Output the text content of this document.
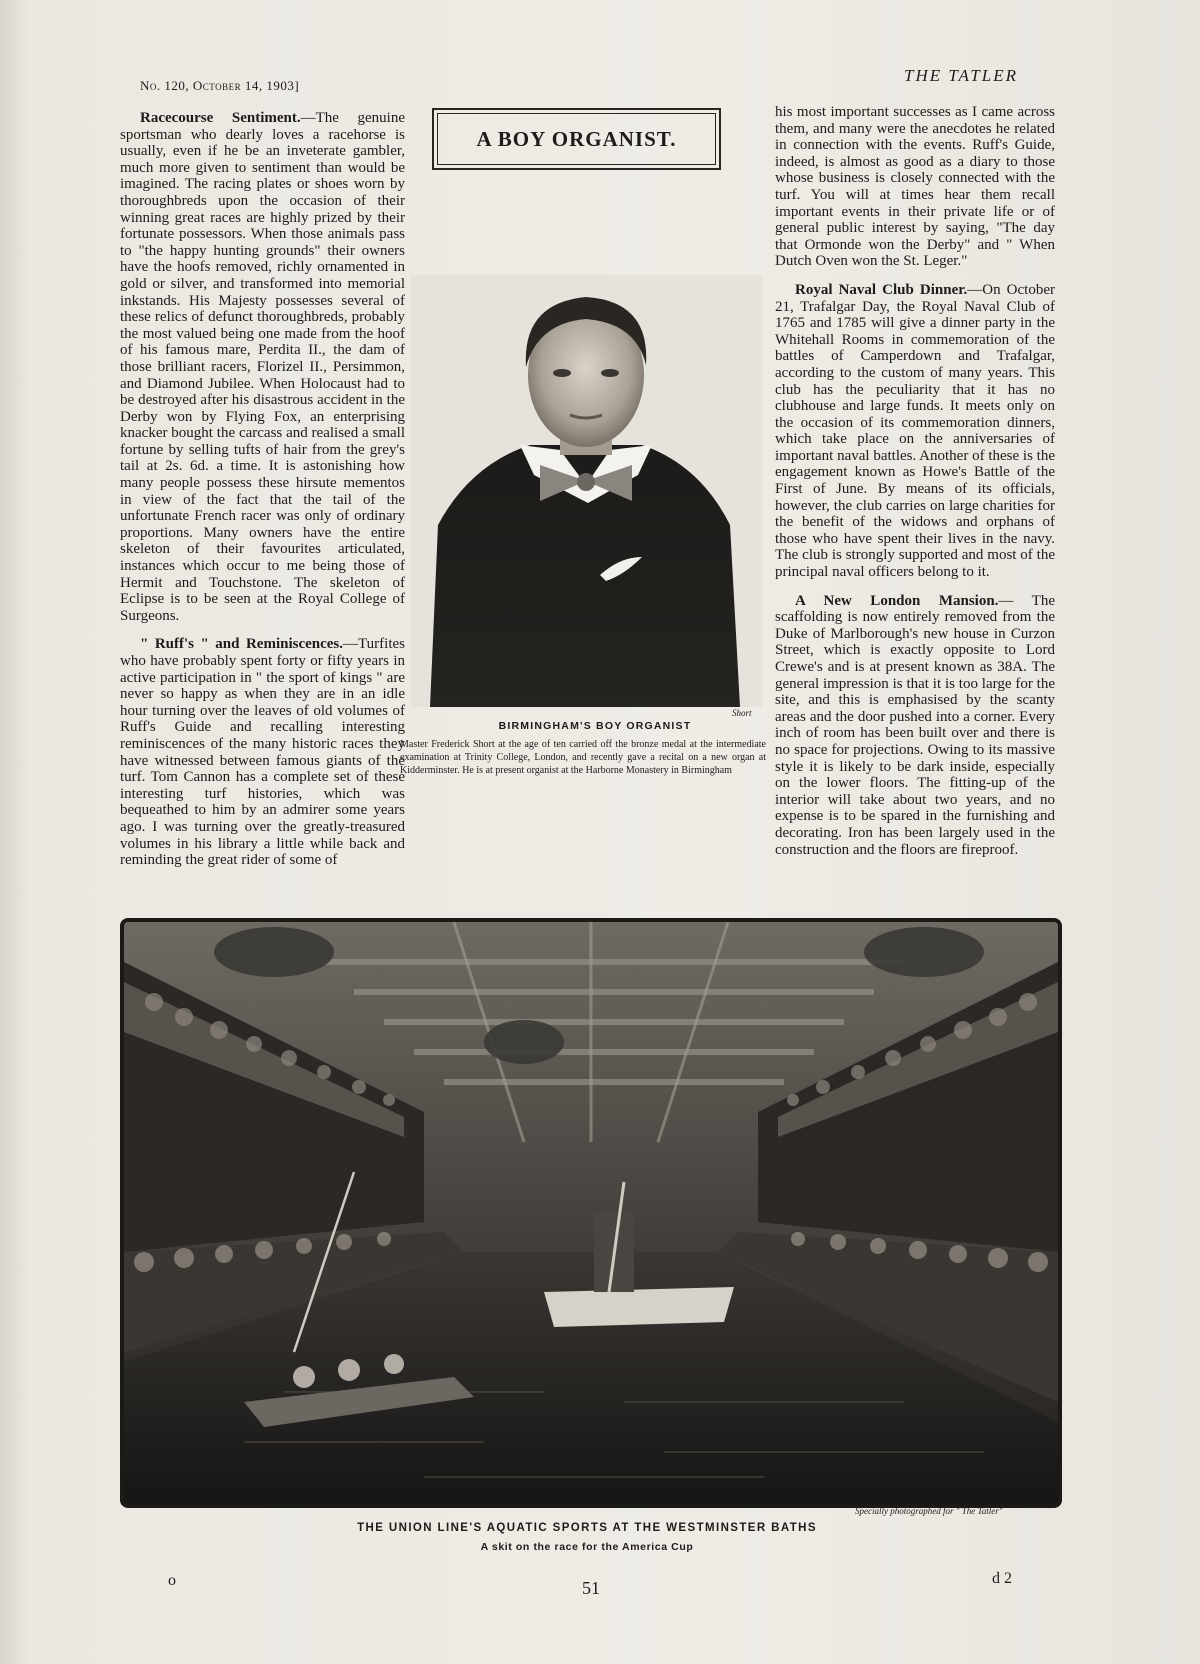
No. 120, October 14, 1903]
THE TATLER
A BOY ORGANIST.

Racecourse Sentiment.—The genuine sportsman who dearly loves a racehorse is usually, even if he be an inveterate gambler, much more given to sentiment than would be imagined. The racing plates or shoes worn by thoroughbreds upon the occasion of their winning great races are highly prized by their fortunate possessors. When those animals pass to "the happy hunting grounds" their owners have the hoofs removed, richly ornamented in gold or silver, and transformed into memorial inkstands. His Majesty possesses several of these relics of defunct thoroughbreds, probably the most valued being one made from the hoof of his famous mare, Perdita II., the dam of those brilliant racers, Florizel II., Persimmon, and Diamond Jubilee. When Holocaust had to be destroyed after his disastrous accident in the Derby won by Flying Fox, an enterprising knacker bought the carcass and realised a small fortune by selling tufts of hair from the grey's tail at 2s. 6d. a time. It is astonishing how many people possess these hirsute mementos in view of the fact that the tail of the unfortunate French racer was only of ordinary proportions. Many owners have the entire skeleton of their favourites articulated, instances which occur to me being those of Hermit and Touchstone. The skeleton of Eclipse is to be seen at the Royal College of Surgeons.

" Ruff's " and Reminiscences.—Turfites who have probably spent forty or fifty years in active participation in " the sport of kings " are never so happy as when they are in an idle hour turning over the leaves of old volumes of Ruff's Guide and recalling interesting reminiscences of the many historic races they have witnessed between famous giants of the turf. Tom Cannon has a complete set of these interesting turf histories, which was bequeathed to him by an admirer some years ago. I was turning over the greatly-treasured volumes in his library a little while back and reminding the great rider of some of

his most important successes as I came across them, and many were the anecdotes he related in connection with the events. Ruff's Guide, indeed, is almost as good as a diary to those whose business is closely connected with the turf. You will at times hear them recall important events in their private life or of general public interest by saying, "The day that Ormonde won the Derby" and " When Dutch Oven won the St. Leger."

Royal Naval Club Dinner.—On October 21, Trafalgar Day, the Royal Naval Club of 1765 and 1785 will give a dinner party in the Whitehall Rooms in commemoration of the battles of Camperdown and Trafalgar, according to the custom of many years. This club has the peculiarity that it has no clubhouse and large funds. It meets only on the occasion of its commemoration dinners, which take place on the anniversaries of important naval battles. Another of these is the engagement known as Howe's Battle of the First of June. By means of its officials, however, the club carries on large charities for the benefit of the widows and orphans of those who have spent their lives in the navy. The club is strongly supported and most of the principal naval officers belong to it.

A New London Mansion.— The scaffolding is now entirely removed from the Duke of Marlborough's new house in Curzon Street, which is exactly opposite to Lord Crewe's and is at present known as 38A. The general impression is that it is too large for the site, and this is emphasised by the scanty areas and the door pushed into a corner. Every inch of room has been built over and there is no space for projections. Owing to its massive style it is likely to be dark inside, especially on the lower floors. The fitting-up of the interior will take about two years, and no expense is to be spared in the furnishing and decorating. Iron has been largely used in the construction and the floors are fireproof.

Short
BIRMINGHAM'S BOY ORGANIST
Master Frederick Short at the age of ten carried off the bronze medal at the intermediate examination at Trinity College, London, and recently gave a recital on a new organ at Kidderminster. He is at present organist at the Harborne Monastery in Birmingham
Specially photographed for " The Tatler"
THE UNION LINE'S AQUATIC SPORTS AT THE WESTMINSTER BATHS
A skit on the race for the America Cup
o	51	d 2
